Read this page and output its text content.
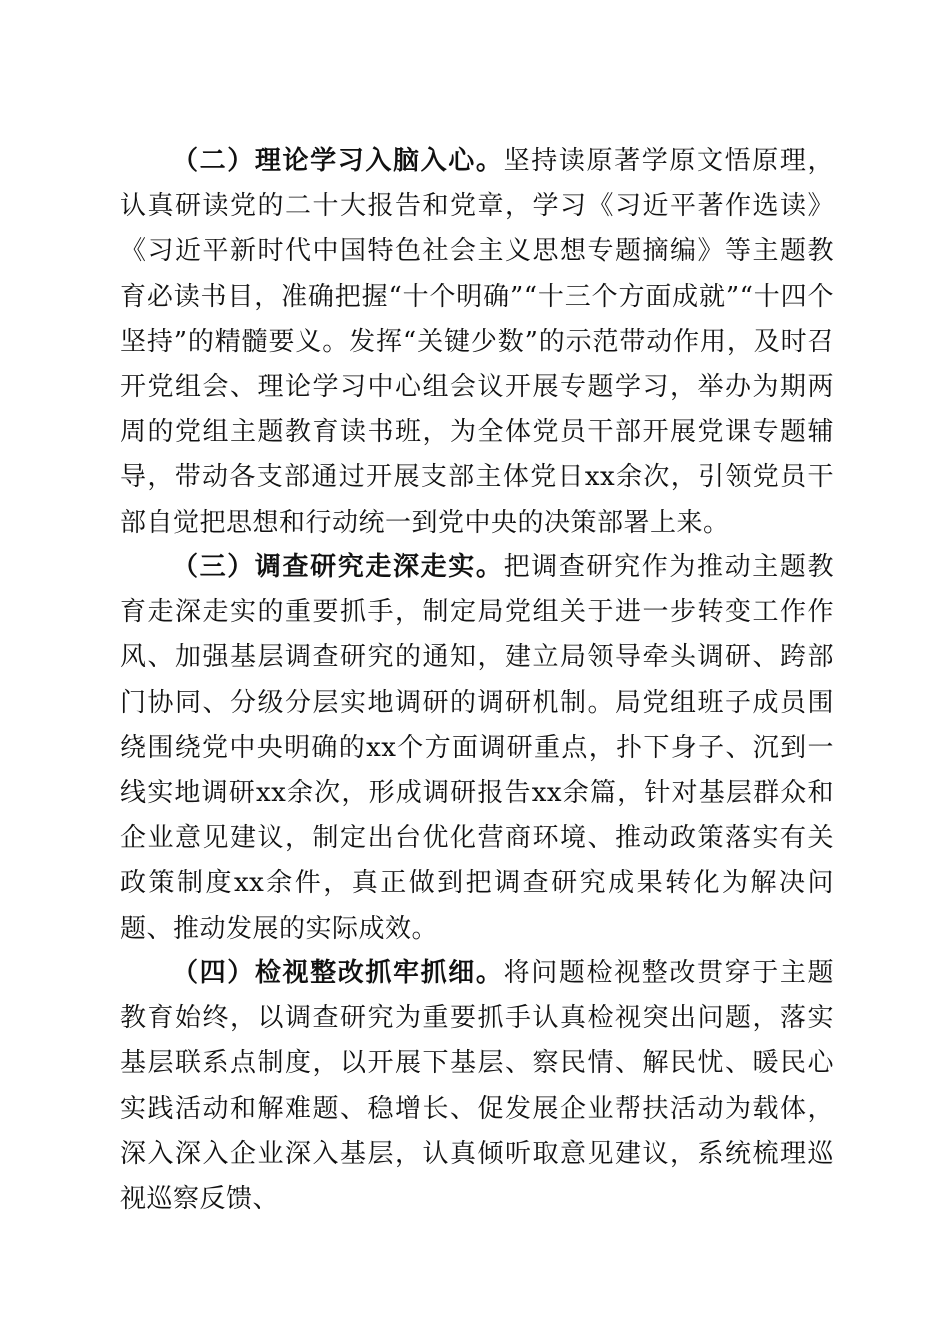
（二）理论学习入脑入心。坚持读原著学原文悟原理，认真研读党的二十大报告和党章，学习《习近平著作选读》《习近平新时代中国特色社会主义思想专题摘编》等主题教育必读书目，准确把握“十个明确”“十三个方面成就”“十四个坚持”的精髓要义。发挥“关键少数”的示范带动作用，及时召开党组会、理论学习中心组会议开展专题学习，举办为期两周的党组主题教育读书班，为全体党员干部开展党课专题辅导，带动各支部通过开展支部主体党日xx余次，引领党员干部自觉把思想和行动统一到党中央的决策部署上来。

（三）调查研究走深走实。把调查研究作为推动主题教育走深走实的重要抓手，制定局党组关于进一步转变工作作风、加强基层调查研究的通知，建立局领导牵头调研、跨部门协同、分级分层实地调研的调研机制。局党组班子成员围绕围绕党中央明确的xx个方面调研重点，扑下身子、沉到一线实地调研xx余次，形成调研报告xx余篇，针对基层群众和企业意见建议，制定出台优化营商环境、推动政策落实有关政策制度xx余件，真正做到把调查研究成果转化为解决问题、推动发展的实际成效。

（四）检视整改抓牢抓细。将问题检视整改贯穿于主题教育始终，以调查研究为重要抓手认真检视突出问题，落实基层联系点制度，以开展下基层、察民情、解民忧、暖民心实践活动和解难题、稳增长、促发展企业帮扶活动为载体，深入深入企业深入基层，认真倾听取意见建议，系统梳理巡视巡察反馈、
